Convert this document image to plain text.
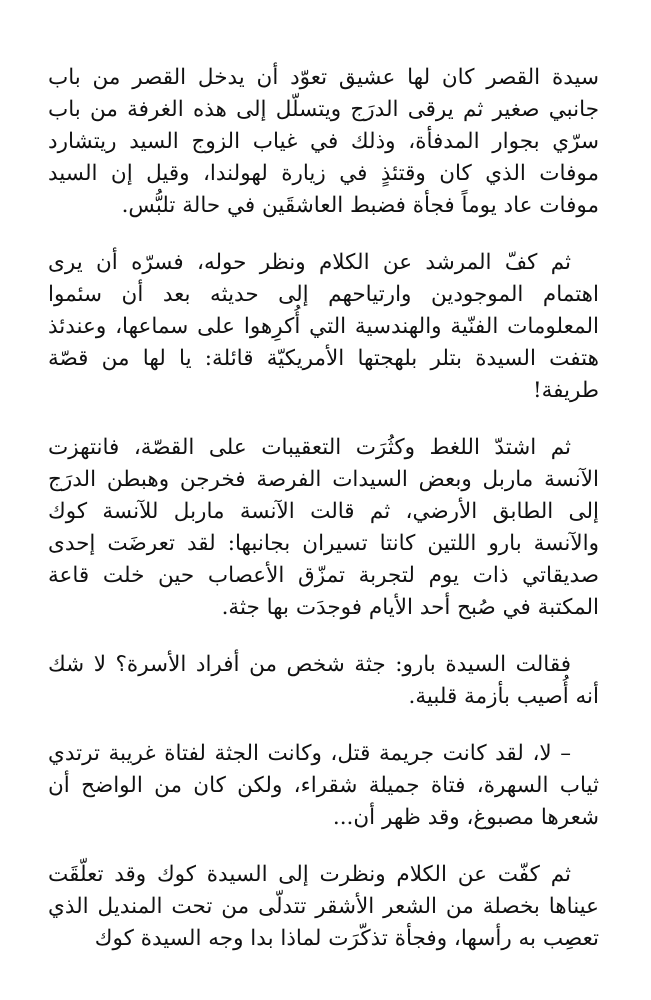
سيدة القصر كان لها عشيق تعوّد أن يدخل القصر من باب جانبي صغير ثم يرقى الدرَج ويتسلّل إلى هذه الغرفة من باب سرّي بجوار المدفأة، وذلك في غياب الزوج السيد ريتشارد موفات الذي كان وقتئذٍ في زيارة لهولندا، وقيل إن السيد موفات عاد يوماً فجأة فضبط العاشقَين في حالة تلبُّس.

ثم كفّ المرشد عن الكلام ونظر حوله، فسرّه أن يرى اهتمام الموجودين وارتياحهم إلى حديثه بعد أن سئموا المعلومات الفنّية والهندسية التي أُكرِهوا على سماعها، وعندئذ هتفت السيدة بتلر بلهجتها الأمريكيّة قائلة: يا لها من قصّة طريفة!

ثم اشتدّ اللغط وكثُرَت التعقيبات على القصّة، فانتهزت الآنسة ماربل وبعض السيدات الفرصة فخرجن وهبطن الدرَج إلى الطابق الأرضي، ثم قالت الآنسة ماربل للآنسة كوك والآنسة بارو اللتين كانتا تسيران بجانبها: لقد تعرضَت إحدى صديقاتي ذات يوم لتجربة تمزّق الأعصاب حين خلت قاعة المكتبة في صُبح أحد الأيام فوجدَت بها جثة.

فقالت السيدة بارو: جثة شخص من أفراد الأسرة؟ لا شك أنه أُصيب بأزمة قلبية.

– لا، لقد كانت جريمة قتل، وكانت الجثة لفتاة غريبة ترتدي ثياب السهرة، فتاة جميلة شقراء، ولكن كان من الواضح أن شعرها مصبوغ، وقد ظهر أن...

ثم كفّت عن الكلام ونظرت إلى السيدة كوك وقد تعلّقَت عيناها بخصلة من الشعر الأشقر تتدلّى من تحت المنديل الذي تعصِب به رأسها، وفجأة تذكّرَت لماذا بدا وجه السيدة كوك
